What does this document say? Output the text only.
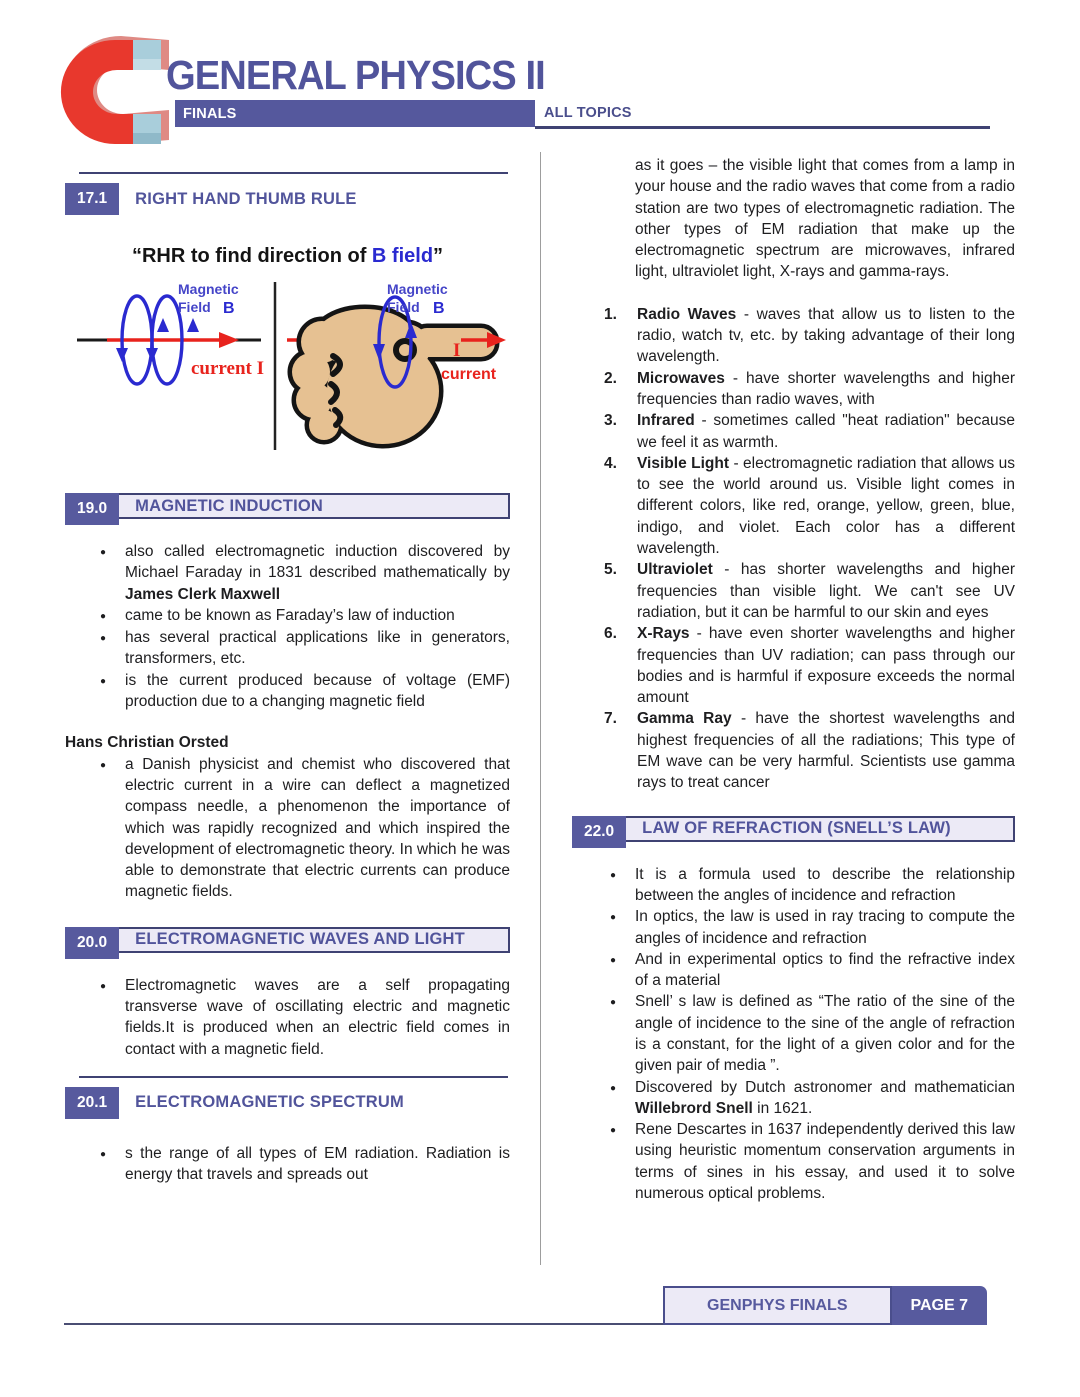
GENERAL PHYSICS II
FINALS	ALL TOPICS
17.1	RIGHT HAND THUMB RULE
“RHR to find direction of B field”
Magnetic
Field B
current I
Magnetic
Field B
I
current
19.0	MAGNETIC INDUCTION
●	also called electromagnetic induction discovered by Michael Faraday in 1831 described mathematically by James Clerk Maxwell
●	came to be known as Faraday’s law of induction
●	has several practical applications like in generators, transformers, etc.
●	is the current produced because of voltage (EMF) production due to a changing magnetic field
Hans Christian Orsted
●	a Danish physicist and chemist who discovered that electric current in a wire can deflect a magnetized compass needle, a phenomenon the importance of which was rapidly recognized and which inspired the development of electromagnetic theory. In which he was able to demonstrate that electric currents can produce magnetic fields.
20.0	ELECTROMAGNETIC WAVES AND LIGHT
●	Electromagnetic waves are a self propagating transverse wave of oscillating electric and magnetic fields.It is produced when an electric field comes in contact with a magnetic field.
20.1	ELECTROMAGNETIC SPECTRUM
●	s the range of all types of EM radiation. Radiation is energy that travels and spreads out
as it goes – the visible light that comes from a lamp in your house and the radio waves that come from a radio station are two types of electromagnetic radiation. The other types of EM radiation that make up the electromagnetic spectrum are microwaves, infrared light, ultraviolet light, X-rays and gamma-rays.
1.	Radio Waves - waves that allow us to listen to the radio, watch tv, etc. by taking advantage of their long wavelength.
2.	Microwaves - have shorter wavelengths and higher frequencies than radio waves, with
3.	Infrared - sometimes called "heat radiation" because we feel it as warmth.
4.	Visible Light - electromagnetic radiation that allows us to see the world around us. Visible light comes in different colors, like red, orange, yellow, green, blue, indigo, and violet. Each color has a different wavelength.
5.	Ultraviolet - has shorter wavelengths and higher frequencies than visible light. We can't see UV radiation, but it can be harmful to our skin and eyes
6.	X-Rays - have even shorter wavelengths and higher frequencies than UV radiation; can pass through our bodies and is harmful if exposure exceeds the normal amount
7.	Gamma Ray - have the shortest wavelengths and highest frequencies of all the radiations; This type of EM wave can be very harmful. Scientists use gamma rays to treat cancer
22.0	LAW OF REFRACTION (SNELL’S LAW)
●	It is a formula used to describe the relationship between the angles of incidence and refraction
●	In optics, the law is used in ray tracing to compute the angles of incidence and refraction
●	And in experimental optics to find the refractive index of a material
●	Snell’ s law is defined as “The ratio of the sine of the angle of incidence to the sine of the angle of refraction is a constant, for the light of a given color and for the given pair of media ”.
●	Discovered by Dutch astronomer and mathematician Willebrord Snell in 1621.
●	Rene Descartes in 1637 independently derived this law using heuristic momentum conservation arguments in terms of sines in his essay, and used it to solve numerous optical problems.
GENPHYS FINALS	PAGE 7
